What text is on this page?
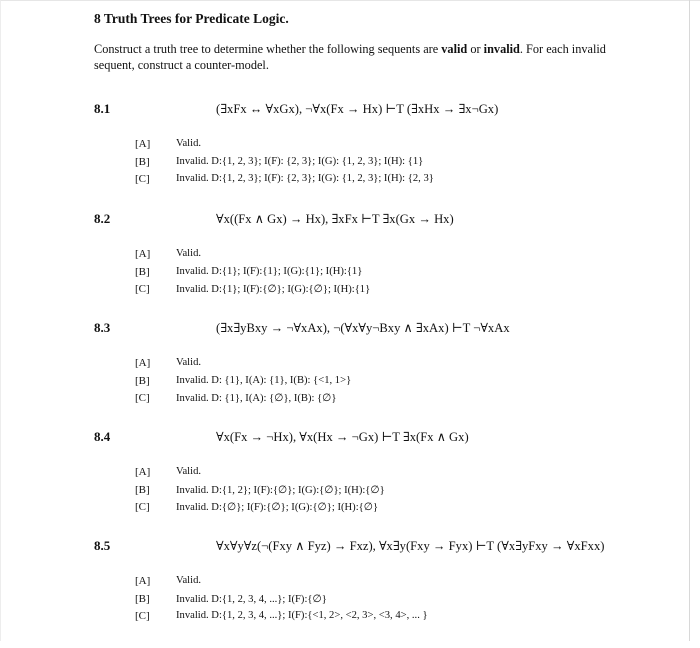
8 Truth Trees for Predicate Logic.
Construct a truth tree to determine whether the following sequents are valid or invalid. For each invalid sequent, construct a counter-model.
8.1	(∃xFx ↔ ∀xGx), ¬∀x(Fx → Hx) ⊢T (∃xHx → ∃x¬Gx)
[A] Valid.
[B] Invalid. D:{1, 2, 3}; I(F): {2, 3}; I(G): {1, 2, 3}; I(H): {1}
[C] Invalid. D:{1, 2, 3}; I(F): {2, 3}; I(G): {1, 2, 3}; I(H): {2, 3}
8.2	∀x((Fx ∧ Gx) → Hx), ∃xFx ⊢T ∃x(Gx → Hx)
[A] Valid.
[B] Invalid. D:{1}; I(F):{1}; I(G):{1}; I(H):{1}
[C] Invalid. D:{1}; I(F):{∅}; I(G):{∅}; I(H):{1}
8.3	(∃x∃yBxy → ¬∀xAx), ¬(∀x∀y¬Bxy ∧ ∃xAx) ⊢T ¬∀xAx
[A] Valid.
[B] Invalid. D: {1}, I(A): {1}, I(B): {<1, 1>}
[C] Invalid. D: {1}, I(A): {∅}, I(B): {∅}
8.4	∀x(Fx → ¬Hx), ∀x(Hx → ¬Gx) ⊢T ∃x(Fx ∧ Gx)
[A] Valid.
[B] Invalid. D:{1, 2}; I(F):{∅}; I(G):{∅}; I(H):{∅}
[C] Invalid. D:{∅}; I(F):{∅}; I(G):{∅}; I(H):{∅}
8.5	∀x∀y∀z(¬(Fxy ∧ Fyz) → Fxz), ∀x∃y(Fxy → Fyx) ⊢T (∀x∃yFxy → ∀xFxx)
[A] Valid.
[B] Invalid. D:{1, 2, 3, 4, ...}; I(F):{∅}
[C] Invalid. D:{1, 2, 3, 4, ...}; I(F):{<1, 2>, <2, 3>, <3, 4>, ... }
